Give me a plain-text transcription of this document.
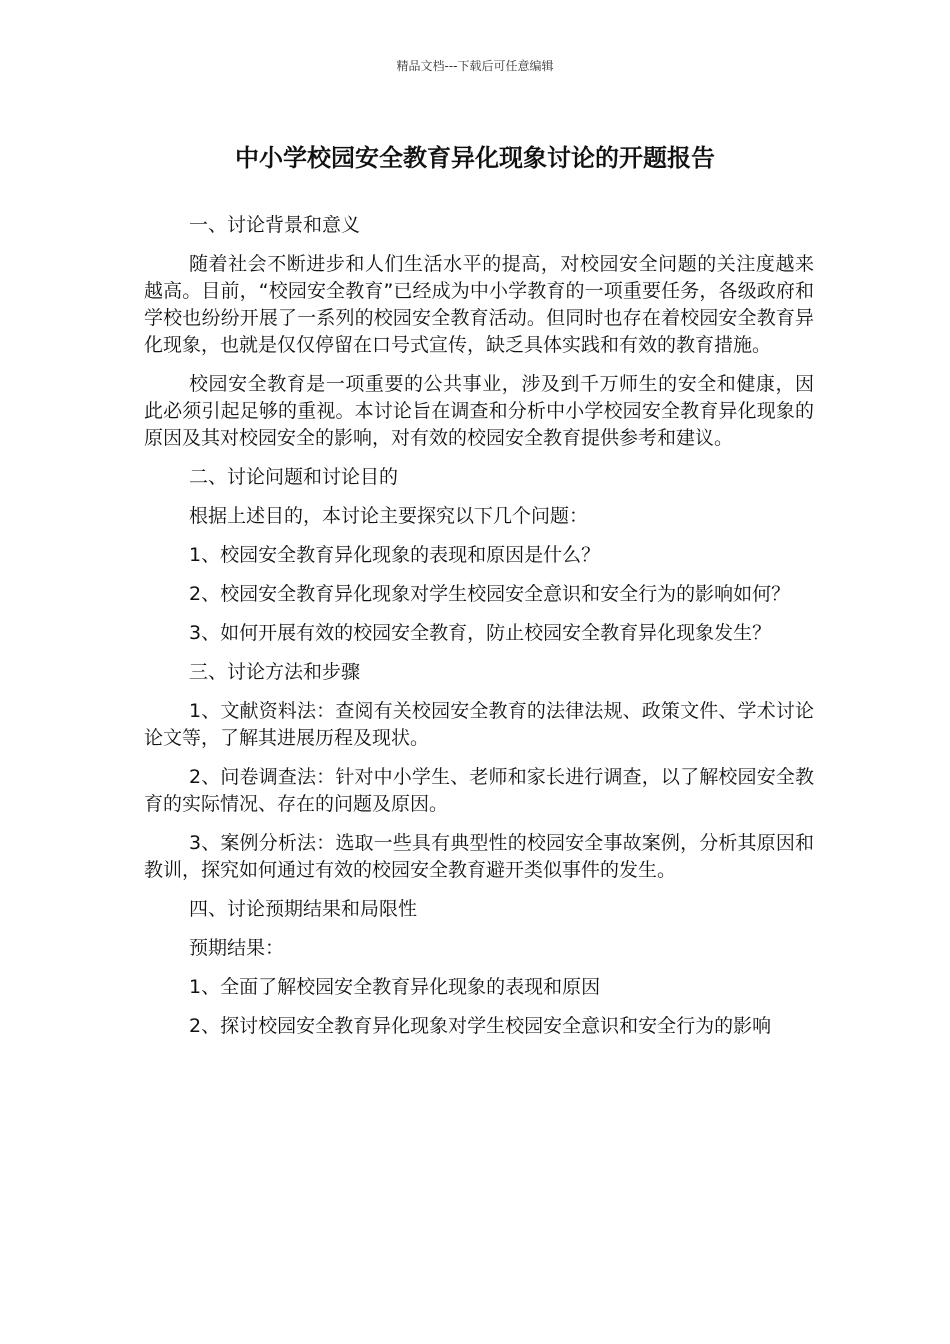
精品文档---下载后可任意编辑
中小学校园安全教育异化现象讨论的开题报告

一、讨论背景和意义

随着社会不断进步和人们生活水平的提高，对校园安全问题的关注度越来越高。目前，“校园安全教育”已经成为中小学教育的一项重要任务，各级政府和学校也纷纷开展了一系列的校园安全教育活动。但同时也存在着校园安全教育异化现象，也就是仅仅停留在口号式宣传，缺乏具体实践和有效的教育措施。

校园安全教育是一项重要的公共事业，涉及到千万师生的安全和健康，因此必须引起足够的重视。本讨论旨在调查和分析中小学校园安全教育异化现象的原因及其对校园安全的影响，对有效的校园安全教育提供参考和建议。

二、讨论问题和讨论目的

根据上述目的，本讨论主要探究以下几个问题：

1、校园安全教育异化现象的表现和原因是什么？

2、校园安全教育异化现象对学生校园安全意识和安全行为的影响如何？

3、如何开展有效的校园安全教育，防止校园安全教育异化现象发生？

三、讨论方法和步骤

1、文献资料法：查阅有关校园安全教育的法律法规、政策文件、学术讨论论文等，了解其进展历程及现状。

2、问卷调查法：针对中小学生、老师和家长进行调查，以了解校园安全教育的实际情况、存在的问题及原因。

3、案例分析法：选取一些具有典型性的校园安全事故案例，分析其原因和教训，探究如何通过有效的校园安全教育避开类似事件的发生。

四、讨论预期结果和局限性

预期结果：

1、全面了解校园安全教育异化现象的表现和原因

2、探讨校园安全教育异化现象对学生校园安全意识和安全行为的影响
